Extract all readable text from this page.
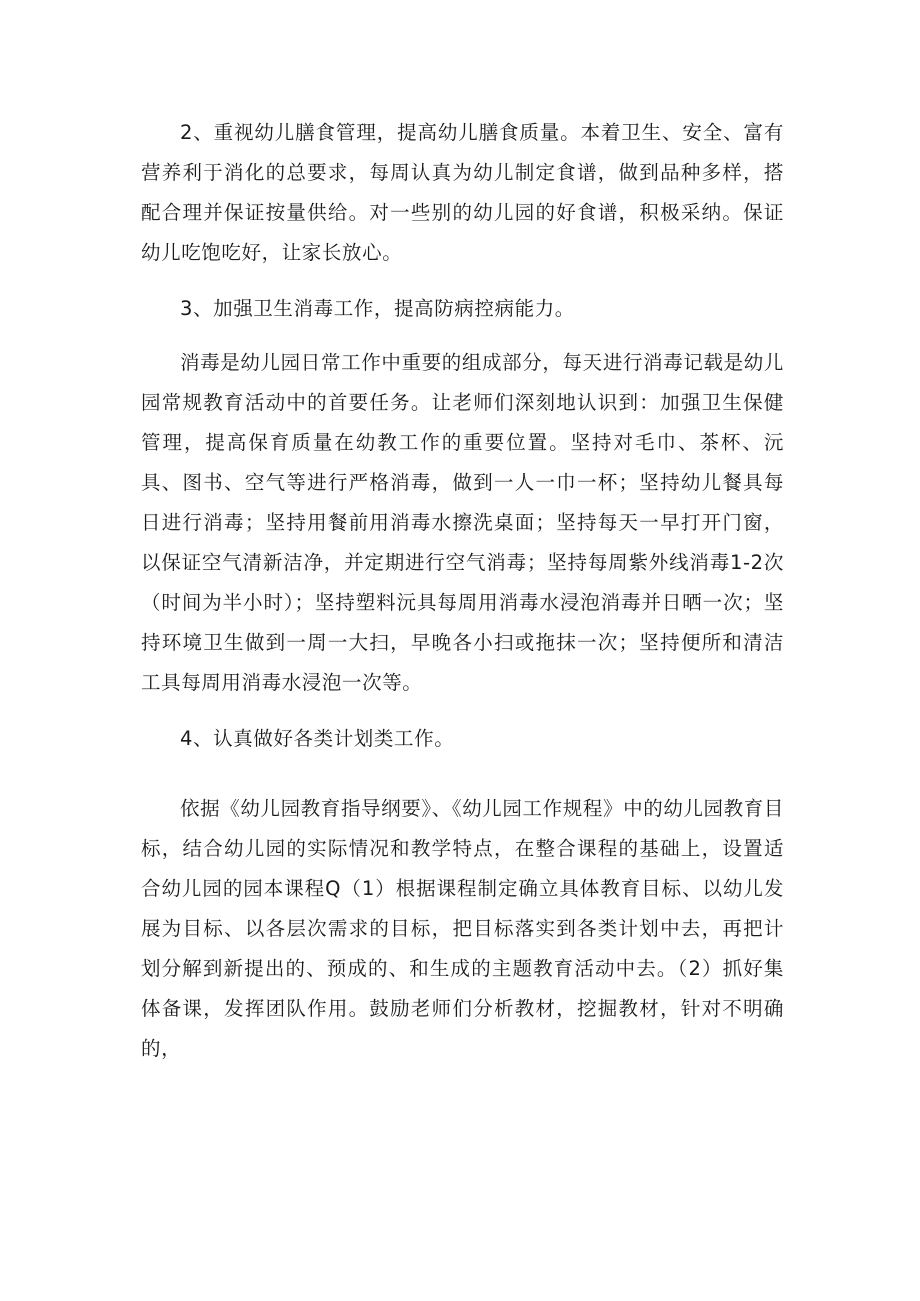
2、重视幼儿膳食管理，提高幼儿膳食质量。本着卫生、安全、富有营养利于消化的总要求，每周认真为幼儿制定食谱，做到品种多样，搭配合理并保证按量供给。对一些别的幼儿园的好食谱，积极采纳。保证幼儿吃饱吃好，让家长放心。

3、加强卫生消毒工作，提高防病控病能力。

消毒是幼儿园日常工作中重要的组成部分，每天进行消毒记载是幼儿园常规教育活动中的首要任务。让老师们深刻地认识到：加强卫生保健管理，提高保育质量在幼教工作的重要位置。坚持对毛巾、茶杯、沅具、图书、空气等进行严格消毒，做到一人一巾一杯；坚持幼儿餐具每日进行消毒；坚持用餐前用消毒水擦洗桌面；坚持每天一早打开门窗，以保证空气清新洁净，并定期进行空气消毒；坚持每周紫外线消毒1-2次（时间为半小时）；坚持塑料沅具每周用消毒水浸泡消毒并日晒一次；坚持环境卫生做到一周一大扫，早晚各小扫或拖抹一次；坚持便所和清洁工具每周用消毒水浸泡一次等。

4、认真做好各类计划类工作。

依据《幼儿园教育指导纲要》、《幼儿园工作规程》中的幼儿园教育目标，结合幼儿园的实际情况和教学特点，在整合课程的基础上，设置适合幼儿园的园本课程Q（1）根据课程制定确立具体教育目标、以幼儿发展为目标、以各层次需求的目标，把目标落实到各类计划中去，再把计划分解到新提出的、预成的、和生成的主题教育活动中去。（2）抓好集体备课，发挥团队作用。鼓励老师们分析教材，挖掘教材，针对不明确的，
